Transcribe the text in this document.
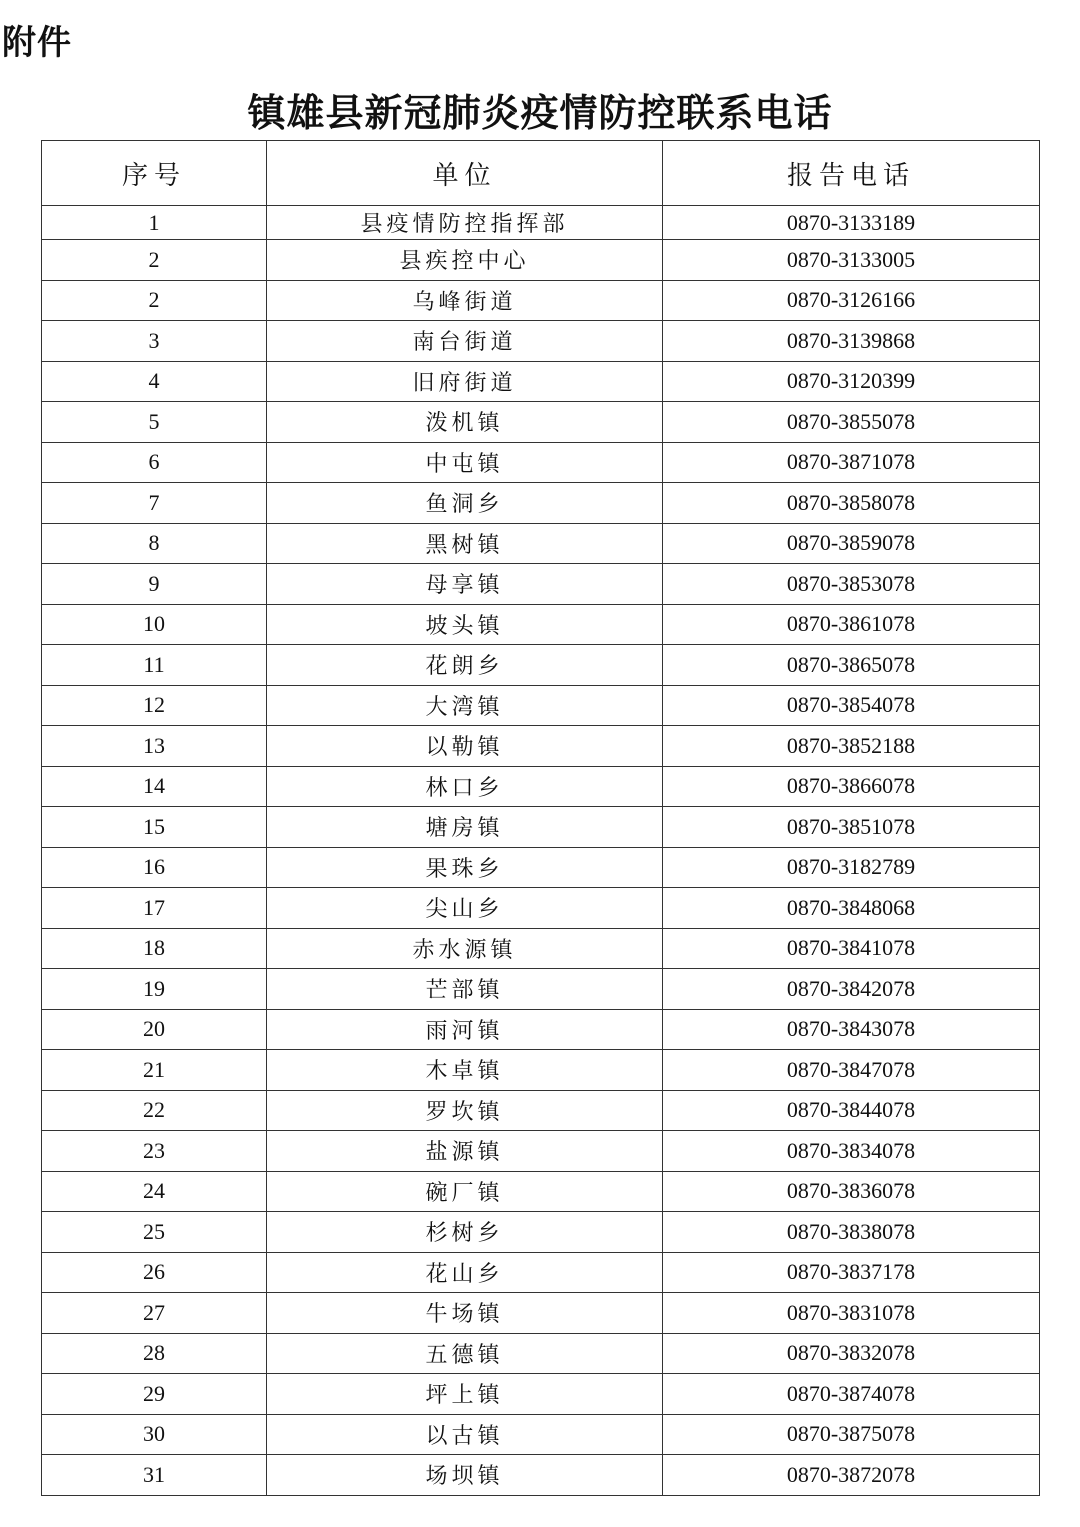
附件
镇雄县新冠肺炎疫情防控联系电话
序号	单位	报告电话
1	县疫情防控指挥部	0870-3133189
2	县疾控中心	0870-3133005
2	乌峰街道	0870-3126166
3	南台街道	0870-3139868
4	旧府街道	0870-3120399
5	泼机镇	0870-3855078
6	中屯镇	0870-3871078
7	鱼洞乡	0870-3858078
8	黑树镇	0870-3859078
9	母享镇	0870-3853078
10	坡头镇	0870-3861078
11	花朗乡	0870-3865078
12	大湾镇	0870-3854078
13	以勒镇	0870-3852188
14	林口乡	0870-3866078
15	塘房镇	0870-3851078
16	果珠乡	0870-3182789
17	尖山乡	0870-3848068
18	赤水源镇	0870-3841078
19	芒部镇	0870-3842078
20	雨河镇	0870-3843078
21	木卓镇	0870-3847078
22	罗坎镇	0870-3844078
23	盐源镇	0870-3834078
24	碗厂镇	0870-3836078
25	杉树乡	0870-3838078
26	花山乡	0870-3837178
27	牛场镇	0870-3831078
28	五德镇	0870-3832078
29	坪上镇	0870-3874078
30	以古镇	0870-3875078
31	场坝镇	0870-3872078
